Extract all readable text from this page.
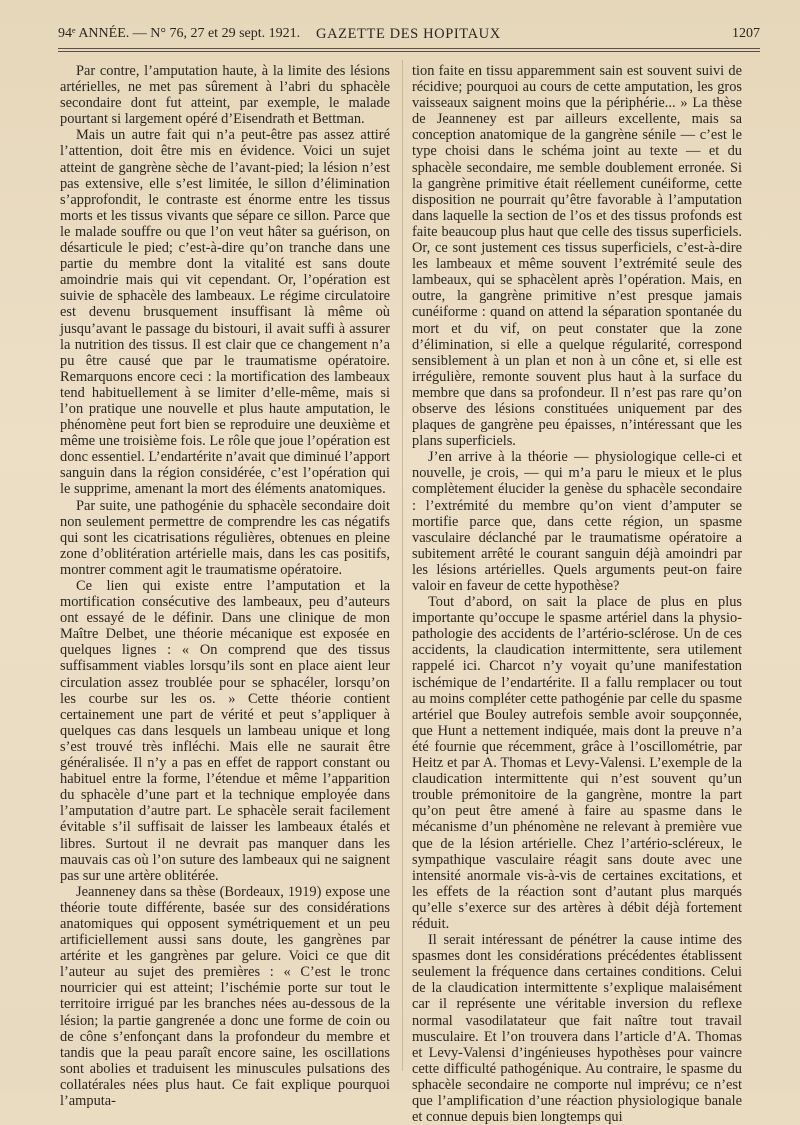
94ᵉ ANNÉE. — N° 76, 27 et 29 sept. 1921. GAZETTE DES HOPITAUX	1207

Par contre, l’amputation haute, à la limite des lésions artérielles, ne met pas sûrement à l’abri du sphacèle secondaire dont fut atteint, par exemple, le malade pourtant si largement opéré d’Eisendrath et Bettman.

Mais un autre fait qui n’a peut-être pas assez attiré l’attention, doit être mis en évidence. Voici un sujet atteint de gangrène sèche de l’avant-pied; la lésion n’est pas extensive, elle s’est limitée, le sillon d’élimination s’approfondit, le contraste est énorme entre les tissus morts et les tissus vivants que sépare ce sillon. Parce que le malade souffre ou que l’on veut hâter sa guérison, on désarticule le pied; c’est-à-dire qu’on tranche dans une partie du membre dont la vitalité est sans doute amoindrie mais qui vit cependant. Or, l’opération est suivie de sphacèle des lambeaux. Le régime circulatoire est devenu brusquement insuffisant là même où jusqu’avant le passage du bistouri, il avait suffi à assurer la nutrition des tissus. Il est clair que ce changement n’a pu être causé que par le traumatisme opératoire. Remarquons encore ceci : la mortification des lambeaux tend habituellement à se limiter d’elle-même, mais si l’on pratique une nouvelle et plus haute amputation, le phénomène peut fort bien se reproduire une deuxième et même une troisième fois. Le rôle que joue l’opération est donc essentiel. L’endartérite n’avait que diminué l’apport sanguin dans la région considérée, c’est l’opération qui le supprime, amenant la mort des éléments anatomiques.

Par suite, une pathogénie du sphacèle secondaire doit non seulement permettre de comprendre les cas négatifs qui sont les cicatrisations régulières, obtenues en pleine zone d’oblitération artérielle mais, dans les cas positifs, montrer comment agit le traumatisme opératoire.

Ce lien qui existe entre l’amputation et la mortification consécutive des lambeaux, peu d’auteurs ont essayé de le définir. Dans une clinique de mon Maître Delbet, une théorie mécanique est exposée en quelques lignes : « On comprend que des tissus suffisamment viables lorsqu’ils sont en place aient leur circulation assez troublée pour se sphacéler, lorsqu’on les courbe sur les os. » Cette théorie contient certainement une part de vérité et peut s’appliquer à quelques cas dans lesquels un lambeau unique et long s’est trouvé très infléchi. Mais elle ne saurait être généralisée. Il n’y a pas en effet de rapport constant ou habituel entre la forme, l’étendue et même l’apparition du sphacèle d’une part et la technique employée dans l’amputation d’autre part. Le sphacèle serait facilement évitable s’il suffisait de laisser les lambeaux étalés et libres. Surtout il ne devrait pas manquer dans les mauvais cas où l’on suture des lambeaux qui ne saignent pas sur une artère oblitérée.

Jeanneney dans sa thèse (Bordeaux, 1919) expose une théorie toute différente, basée sur des considérations anatomiques qui opposent symétriquement et un peu artificiellement aussi sans doute, les gangrènes par artérite et les gangrènes par gelure. Voici ce que dit l’auteur au sujet des premières : « C’est le tronc nourricier qui est atteint; l’ischémie porte sur tout le territoire irrigué par les branches nées au-dessous de la lésion; la partie gangrenée a donc une forme de coin ou de cône s’enfonçant dans la profondeur du membre et tandis que la peau paraît encore saine, les oscillations sont abolies et traduisent les minuscules pulsations des collatérales nées plus haut. Ce fait explique pourquoi l’amputa-

tion faite en tissu apparemment sain est souvent suivi de récidive; pourquoi au cours de cette amputation, les gros vaisseaux saignent moins que la périphérie... » La thèse de Jeanneney est par ailleurs excellente, mais sa conception anatomique de la gangrène sénile — c’est le type choisi dans le schéma joint au texte — et du sphacèle secondaire, me semble doublement erronée. Si la gangrène primitive était réellement cunéiforme, cette disposition ne pourrait qu’être favorable à l’amputation dans laquelle la section de l’os et des tissus profonds est faite beaucoup plus haut que celle des tissus superficiels. Or, ce sont justement ces tissus superficiels, c’est-à-dire les lambeaux et même souvent l’extrémité seule des lambeaux, qui se sphacèlent après l’opération. Mais, en outre, la gangrène primitive n’est presque jamais cunéiforme : quand on attend la séparation spontanée du mort et du vif, on peut constater que la zone d’élimination, si elle a quelque régularité, correspond sensiblement à un plan et non à un cône et, si elle est irrégulière, remonte souvent plus haut à la surface du membre que dans sa profondeur. Il n’est pas rare qu’on observe des lésions constituées uniquement par des plaques de gangrène peu épaisses, n’intéressant que les plans superficiels.

J’en arrive à la théorie — physiologique celle-ci et nouvelle, je crois, — qui m’a paru le mieux et le plus complètement élucider la genèse du sphacèle secondaire : l’extrémité du membre qu’on vient d’amputer se mortifie parce que, dans cette région, un spasme vasculaire déclanché par le traumatisme opératoire a subitement arrêté le courant sanguin déjà amoindri par les lésions artérielles. Quels arguments peut-on faire valoir en faveur de cette hypothèse?

Tout d’abord, on sait la place de plus en plus importante qu’occupe le spasme artériel dans la physio-pathologie des accidents de l’artério-sclérose. Un de ces accidents, la claudication intermittente, sera utilement rappelé ici. Charcot n’y voyait qu’une manifestation ischémique de l’endartérite. Il a fallu remplacer ou tout au moins compléter cette pathogénie par celle du spasme artériel que Bouley autrefois semble avoir soupçonnée, que Hunt a nettement indiquée, mais dont la preuve n’a été fournie que récemment, grâce à l’oscillométrie, par Heitz et par A. Thomas et Levy-Valensi. L’exemple de la claudication intermittente qui n’est souvent qu’un trouble prémonitoire de la gangrène, montre la part qu’on peut être amené à faire au spasme dans le mécanisme d’un phénomène ne relevant à première vue que de la lésion artérielle. Chez l’artério-scléreux, le sympathique vasculaire réagit sans doute avec une intensité anormale vis-à-vis de certaines excitations, et les effets de la réaction sont d’autant plus marqués qu’elle s’exerce sur des artères à débit déjà fortement réduit.

Il serait intéressant de pénétrer la cause intime des spasmes dont les considérations précédentes établissent seulement la fréquence dans certaines conditions. Celui de la claudication intermittente s’explique malaisément car il représente une véritable inversion du reflexe normal vasodilatateur que fait naître tout travail musculaire. Et l’on trouvera dans l’article d’A. Thomas et Levy-Valensi d’ingénieuses hypothèses pour vaincre cette difficulté pathogénique. Au contraire, le spasme du sphacèle secondaire ne comporte nul imprévu; ce n’est que l’amplification d’une réaction physiologique banale et connue depuis bien longtemps qui
